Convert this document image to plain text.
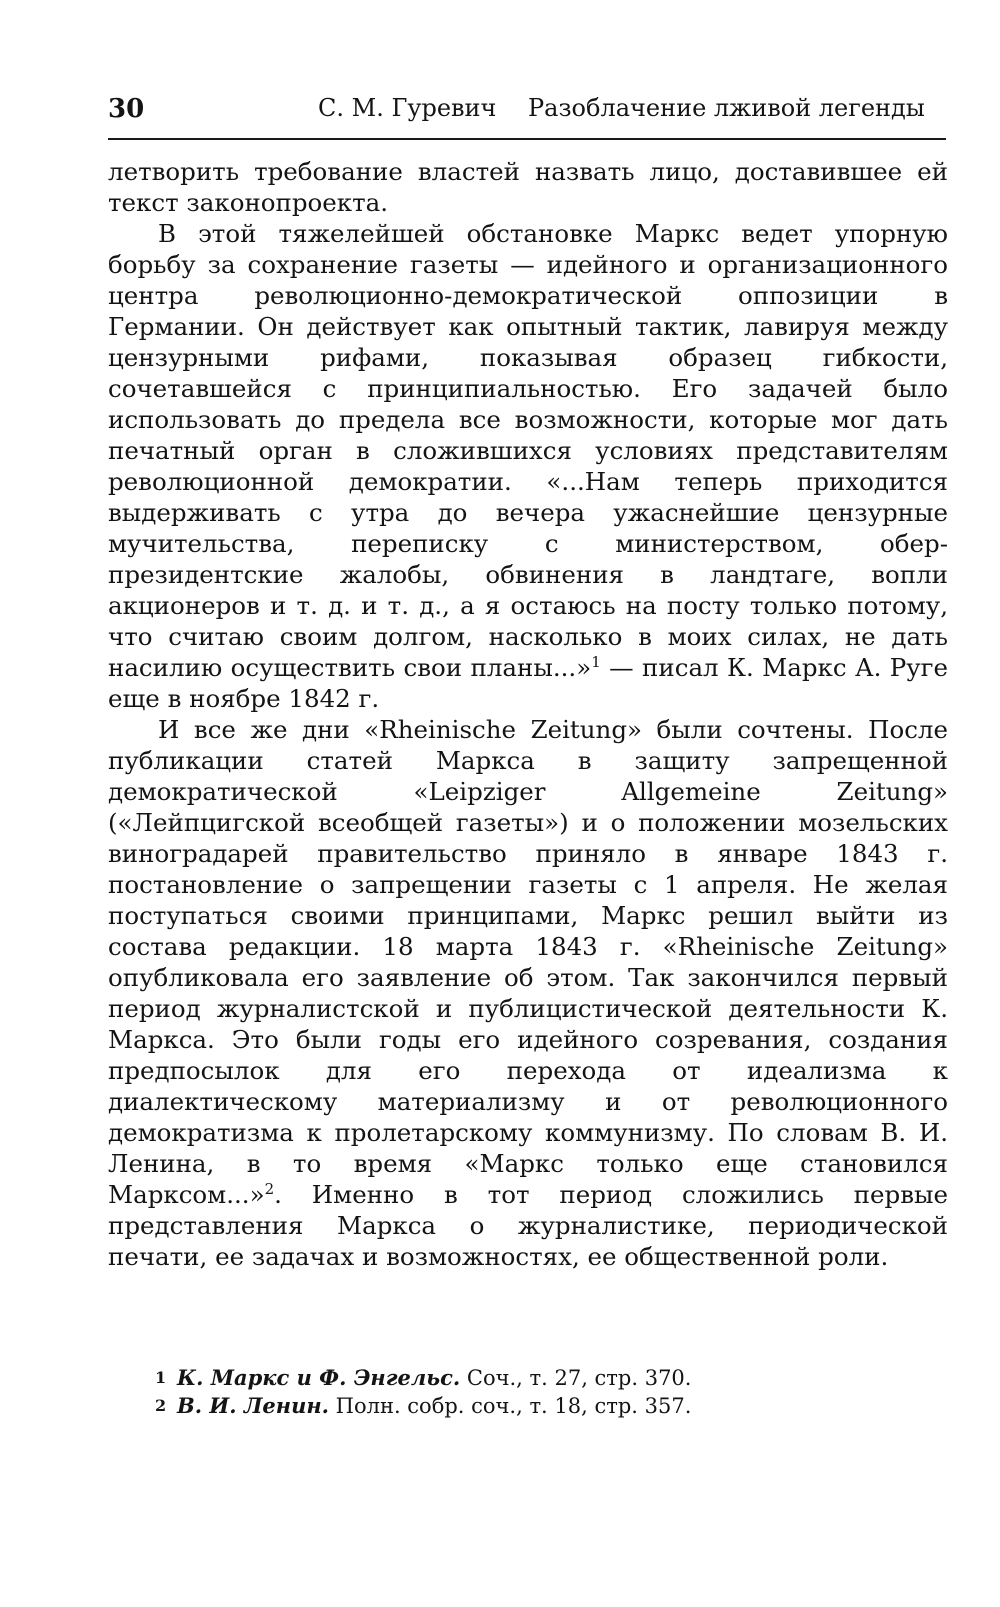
30	С. М. Гуревич Разоблачение лживой легенды

летворить требование властей назвать лицо, доставившее ей текст законопроекта.

В этой тяжелейшей обстановке Маркс ведет упорную борьбу за сохранение газеты — идейного и организационного центра революционно-демократической оппозиции в Германии. Он действует как опытный тактик, лавируя между цензурными рифами, показывая образец гибкости, сочетавшейся с принципиальностью. Его задачей было использовать до предела все возможности, которые мог дать печатный орган в сложившихся условиях представителям революционной демократии. «...Нам теперь приходится выдерживать с утра до вечера ужаснейшие цензурные мучительства, переписку с министерством, обер-президентские жалобы, обвинения в ландтаге, вопли акционеров и т. д. и т. д., а я остаюсь на посту только потому, что считаю своим долгом, насколько в моих силах, не дать насилию осуществить свои планы...»$^1$ — писал К. Маркс А. Руге еще в ноябре 1842 г.

И все же дни «Rheinische Zeitung» были сочтены. После публикации статей Маркса в защиту запрещенной демократической «Leipziger Allgemeine Zeitung» («Лейпцигской всеобщей газеты») и о положении мозельских виноградарей правительство приняло в январе 1843 г. постановление о запрещении газеты с 1 апреля. Не желая поступаться своими принципами, Маркс решил выйти из состава редакции. 18 марта 1843 г. «Rheinische Zeitung» опубликовала его заявление об этом. Так закончился первый период журналистской и публицистической деятельности К. Маркса. Это были годы его идейного созревания, создания предпосылок для его перехода от идеализма к диалектическому материализму и от революционного демократизма к пролетарскому коммунизму. По словам В. И. Ленина, в то время «Маркс только еще становился Марксом...»$^2$. Именно в тот период сложились первые представления Маркса о журналистике, периодической печати, ее задачах и возможностях, ее общественной роли.

1 К. Маркс и Ф. Энгельс. Соч., т. 27, стр. 370.
2 В. И. Ленин. Полн. собр. соч., т. 18, стр. 357.
